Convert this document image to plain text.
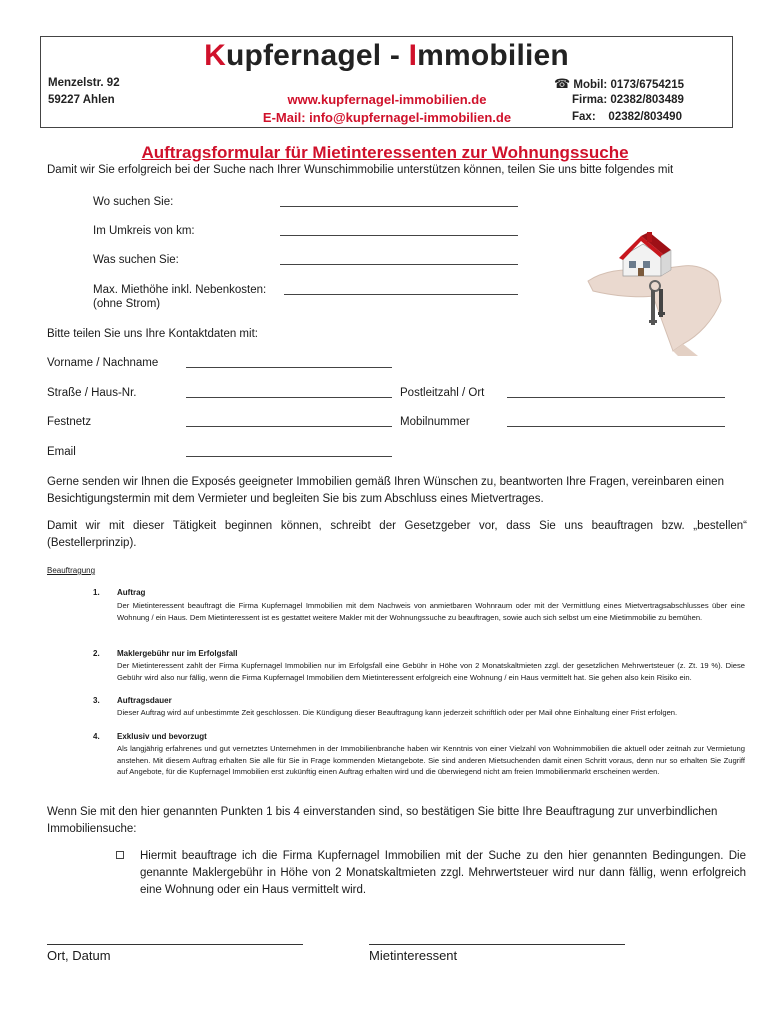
Kupfernagel - Immobilien
Menzelstr. 92
59227 Ahlen	www.kupfernagel-immobilien.de
E-Mail: info@kupfernagel-immobilien.de
☎ Mobil: 0173/6754215
Firma: 02382/803489
Fax:    02382/803490
Auftragsformular für Mietinteressenten zur Wohnungssuche
Damit wir Sie erfolgreich bei der Suche nach Ihrer Wunschimmobilie unterstützen können, teilen Sie uns bitte folgendes mit
Wo suchen Sie:
Im Umkreis von km:
Was suchen Sie:
Max. Miethöhe inkl. Nebenkosten:
(ohne Strom)
Bitte teilen Sie uns Ihre Kontaktdaten mit:
Vorname / Nachname
Straße / Haus-Nr.	Postleitzahl / Ort
Festnetz	Mobilnummer
Email
Gerne senden wir Ihnen die Exposés geeigneter Immobilien gemäß Ihren Wünschen zu, beantworten Ihre Fragen, vereinbaren einen Besichtigungstermin mit dem Vermieter und begleiten Sie bis zum Abschluss eines Mietvertrages.
Damit wir mit dieser Tätigkeit beginnen können, schreibt der Gesetzgeber vor, dass Sie uns beauftragen bzw. „bestellen“ (Bestellerprinzip).
Beauftragung
1. Auftrag
Der Mietinteressent beauftragt die Firma Kupfernagel Immobilien mit dem Nachweis von anmietbaren Wohnraum oder mit der Vermittlung eines Mietvertragsabschlusses über eine Wohnung / ein Haus. Dem Mietinteressent ist es gestattet weitere Makler mit der Wohnungssuche zu beauftragen, sowie auch sich selbst um eine Mietimmobilie zu bemühen.
2. Maklergebühr nur im Erfolgsfall
Der Mietinteressent zahlt der Firma Kupfernagel Immobilien nur im Erfolgsfall eine Gebühr in Höhe von 2 Monatskaltmieten zzgl. der gesetzlichen Mehrwertsteuer (z. Zt. 19 %). Diese Gebühr wird also nur fällig, wenn die Firma Kupfernagel Immobilien dem Mietinteressent erfolgreich eine Wohnung / ein Haus vermittelt hat. Sie gehen also kein Risiko ein.
3. Auftragsdauer
Dieser Auftrag wird auf unbestimmte Zeit geschlossen. Die Kündigung dieser Beauftragung kann jederzeit schriftlich oder per Mail ohne Einhaltung einer Frist erfolgen.
4. Exklusiv und bevorzugt
Als langjährig erfahrenes und gut vernetztes Unternehmen in der Immobilienbranche haben wir Kenntnis von einer Vielzahl von Wohnimmobilien die aktuell oder zeitnah zur Vermietung anstehen. Mit diesem Auftrag erhalten Sie alle für Sie in Frage kommenden Mietangebote. Sie sind anderen Mietsuchenden damit einen Schritt voraus, denn nur so erhalten Sie Zugriff auf Angebote, für die Kupfernagel Immobilien erst zukünftig einen Auftrag erhalten wird und die überwiegend nicht am freien Immobilienmarkt erscheinen werden.
Wenn Sie mit den hier genannten Punkten 1 bis 4 einverstanden sind, so bestätigen Sie bitte Ihre Beauftragung zur unverbindlichen Immobiliensuche:
Hiermit beauftrage ich die Firma Kupfernagel Immobilien mit der Suche zu den hier genannten Bedingungen. Die genannte Maklergebühr in Höhe von 2 Monatskaltmieten zzgl. Mehrwertsteuer wird nur dann fällig, wenn erfolgreich eine Wohnung oder ein Haus vermittelt wird.
Ort, Datum	Mietinteressent
